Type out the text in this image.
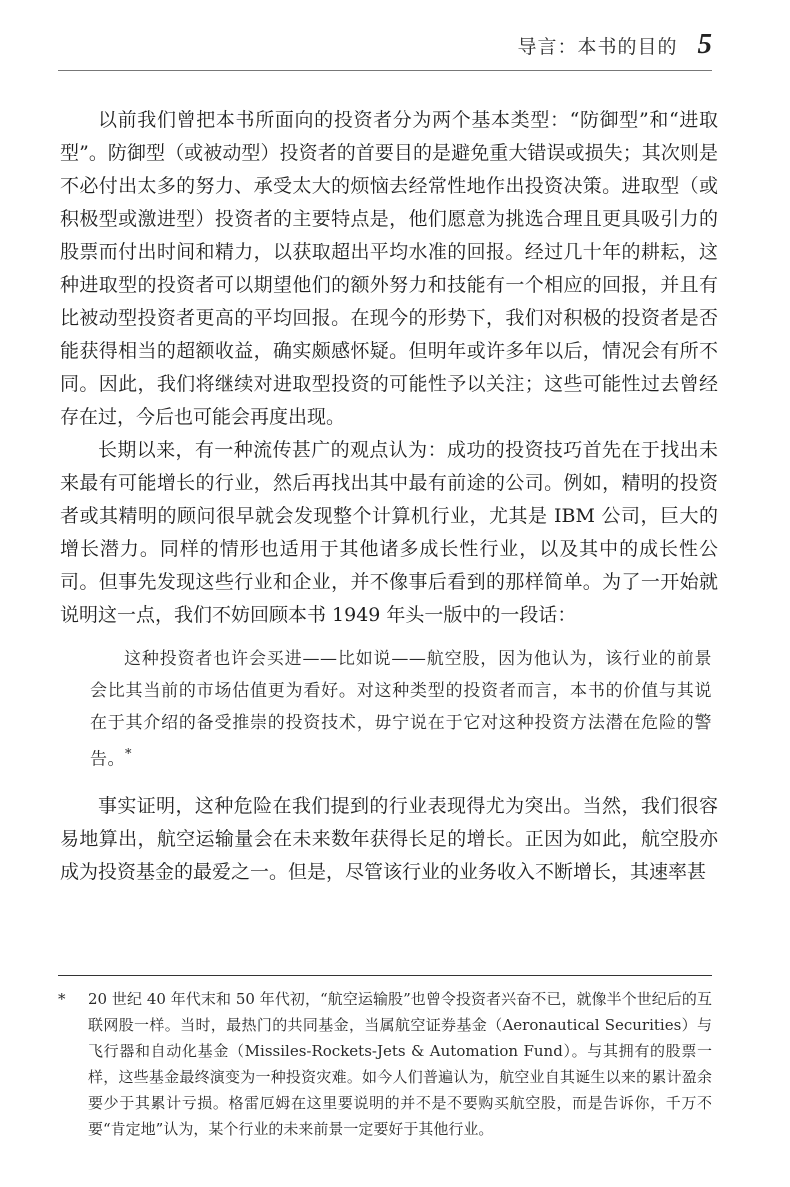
导言：本书的目的 5

以前我们曾把本书所面向的投资者分为两个基本类型：“防御型”和“进取型”。防御型（或被动型）投资者的首要目的是避免重大错误或损失；其次则是不必付出太多的努力、承受太大的烦恼去经常性地作出投资决策。进取型（或积极型或激进型）投资者的主要特点是，他们愿意为挑选合理且更具吸引力的股票而付出时间和精力，以获取超出平均水准的回报。经过几十年的耕耘，这种进取型的投资者可以期望他们的额外努力和技能有一个相应的回报，并且有比被动型投资者更高的平均回报。在现今的形势下，我们对积极的投资者是否能获得相当的超额收益，确实颇感怀疑。但明年或许多年以后，情况会有所不同。因此，我们将继续对进取型投资的可能性予以关注；这些可能性过去曾经存在过，今后也可能会再度出现。

长期以来，有一种流传甚广的观点认为：成功的投资技巧首先在于找出未来最有可能增长的行业，然后再找出其中最有前途的公司。例如，精明的投资者或其精明的顾问很早就会发现整个计算机行业，尤其是 IBM 公司，巨大的增长潜力。同样的情形也适用于其他诸多成长性行业，以及其中的成长性公司。但事先发现这些行业和企业，并不像事后看到的那样简单。为了一开始就说明这一点，我们不妨回顾本书 1949 年头一版中的一段话：

这种投资者也许会买进——比如说——航空股，因为他认为，该行业的前景会比其当前的市场估值更为看好。对这种类型的投资者而言，本书的价值与其说在于其介绍的备受推崇的投资技术，毋宁说在于它对这种投资方法潜在危险的警告。*

事实证明，这种危险在我们提到的行业表现得尤为突出。当然，我们很容易地算出，航空运输量会在未来数年获得长足的增长。正因为如此，航空股亦成为投资基金的最爱之一。但是，尽管该行业的业务收入不断增长，其速率甚

*	20 世纪 40 年代末和 50 年代初，“航空运输股”也曾令投资者兴奋不已，就像半个世纪后的互联网股一样。当时，最热门的共同基金，当属航空证券基金（Aeronautical Securities）与飞行器和自动化基金（Missiles-Rockets-Jets & Automation Fund）。与其拥有的股票一样，这些基金最终演变为一种投资灾难。如今人们普遍认为，航空业自其诞生以来的累计盈余要少于其累计亏损。格雷厄姆在这里要说明的并不是不要购买航空股，而是告诉你，千万不要“肯定地”认为，某个行业的未来前景一定要好于其他行业。
